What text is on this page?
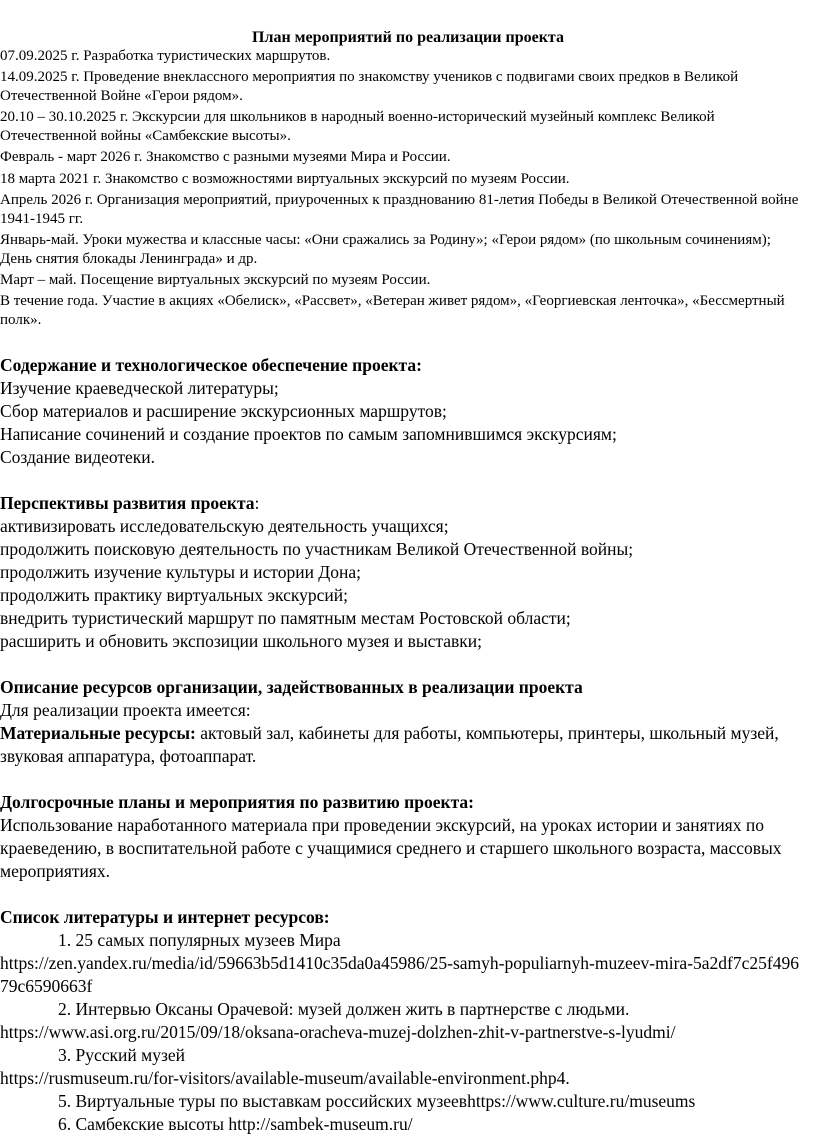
План мероприятий по реализации проекта
07.09.2025 г. Разработка туристических маршрутов.
14.09.2025 г. Проведение внеклассного мероприятия по знакомству учеников с подвигами своих предков в Великой Отечественной Войне «Герои рядом».
20.10 – 30.10.2025 г. Экскурсии для школьников в народный военно-исторический музейный комплекс Великой Отечественной войны «Самбекские высоты».
Февраль - март 2026 г. Знакомство с разными музеями Мира и России.
18 марта 2021 г. Знакомство с возможностями виртуальных экскурсий по музеям России.
Апрель 2026 г. Организация мероприятий, приуроченных к празднованию 81-летия Победы в Великой Отечественной войне 1941-1945 гг.
Январь-май. Уроки мужества и классные часы: «Они сражались за Родину»; «Герои рядом» (по школьным сочинениям); День снятия блокады Ленинграда» и др.
Март – май. Посещение виртуальных экскурсий по музеям России.
В течение года. Участие в акциях «Обелиск», «Рассвет», «Ветеран живет рядом», «Георгиевская ленточка», «Бессмертный полк».

Содержание и технологическое обеспечение проекта:

Изучение краеведческой литературы;

Сбор материалов и расширение экскурсионных маршрутов;

Написание сочинений и создание проектов по самым запомнившимся экскурсиям;

Создание видеотеки.

Перспективы развития проекта:

активизировать исследовательскую деятельность учащихся;

продолжить поисковую деятельность по участникам Великой Отечественной войны;

продолжить изучение культуры и истории Дона;

продолжить практику виртуальных экскурсий;

внедрить туристический маршрут по памятным местам Ростовской области;

расширить и обновить экспозиции школьного музея и выставки;

Описание ресурсов организации, задействованных в реализации проекта

Для реализации проекта имеется:

Материальные ресурсы: актовый зал, кабинеты для работы, компьютеры, принтеры, школьный музей, звуковая аппаратура, фотоаппарат.

Долгосрочные планы и мероприятия по развитию проекта:

Использование наработанного материала при проведении экскурсий, на уроках истории и занятиях по краеведению, в воспитательной работе с учащимися среднего и старшего школьного возраста, массовых мероприятиях.

Список литературы и интернет ресурсов:

1. 25 самых популярных музеев Мира

https://zen.yandex.ru/media/id/59663b5d1410c35da0a45986/25-samyh-populiarnyh-muzeev-mira-5a2df7c25f49679c6590663f

2. Интервью Оксаны Орачевой: музей должен жить в партнерстве с людьми.

https://www.asi.org.ru/2015/09/18/oksana-oracheva-muzej-dolzhen-zhit-v-partnerstve-s-lyudmi/

3. Русский музей

https://rusmuseum.ru/for-visitors/available-museum/available-environment.php4.

5. Виртуальные туры по выставкам российских музеевhttps://www.culture.ru/museums

6. Самбекские высоты http://sambek-museum.ru/
